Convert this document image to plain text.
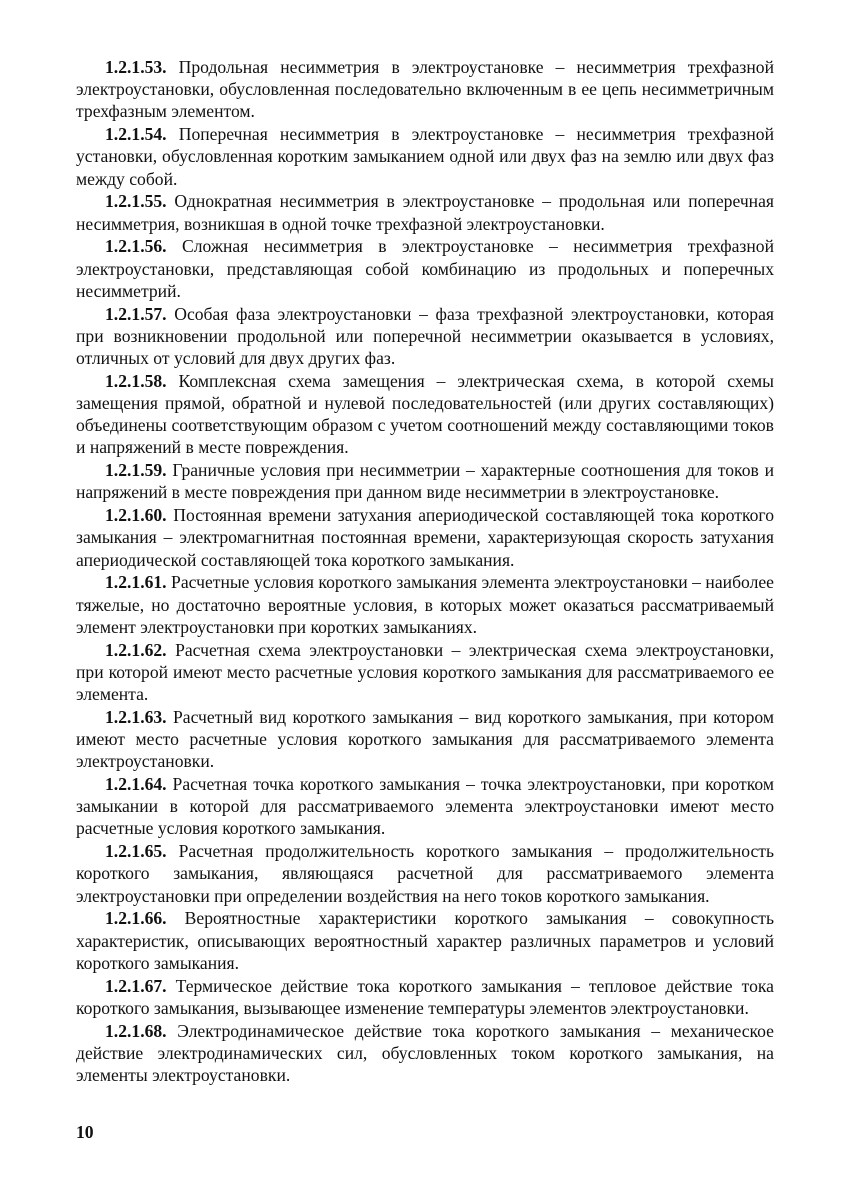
1.2.1.53. Продольная несимметрия в электроустановке – несимметрия трехфазной электроустановки, обусловленная последовательно включенным в ее цепь несимметричным трехфазным элементом.

1.2.1.54. Поперечная несимметрия в электроустановке – несимметрия трехфазной установки, обусловленная коротким замыканием одной или двух фаз на землю или двух фаз между собой.

1.2.1.55. Однократная несимметрия в электроустановке – продольная или поперечная несимметрия, возникшая в одной точке трехфазной электроустановки.

1.2.1.56. Сложная несимметрия в электроустановке – несимметрия трехфазной электроустановки, представляющая собой комбинацию из продольных и поперечных несимметрий.

1.2.1.57. Особая фаза электроустановки – фаза трехфазной электроустановки, которая при возникновении продольной или поперечной несимметрии оказывается в условиях, отличных от условий для двух других фаз.

1.2.1.58. Комплексная схема замещения – электрическая схема, в которой схемы замещения прямой, обратной и нулевой последовательностей (или других составляющих) объединены соответствующим образом с учетом соотношений между составляющими токов и напряжений в месте повреждения.

1.2.1.59. Граничные условия при несимметрии – характерные соотношения для токов и напряжений в месте повреждения при данном виде несимметрии в электроустановке.

1.2.1.60. Постоянная времени затухания апериодической составляющей тока короткого замыкания – электромагнитная постоянная времени, характеризующая скорость затухания апериодической составляющей тока короткого замыкания.

1.2.1.61. Расчетные условия короткого замыкания элемента электроустановки – наиболее тяжелые, но достаточно вероятные условия, в которых может оказаться рассматриваемый элемент электроустановки при коротких замыканиях.

1.2.1.62. Расчетная схема электроустановки – электрическая схема электроустановки, при которой имеют место расчетные условия короткого замыкания для рассматриваемого ее элемента.

1.2.1.63. Расчетный вид короткого замыкания – вид короткого замыкания, при котором имеют место расчетные условия короткого замыкания для рассматриваемого элемента электроустановки.

1.2.1.64. Расчетная точка короткого замыкания – точка электроустановки, при коротком замыкании в которой для рассматриваемого элемента электроустановки имеют место расчетные условия короткого замыкания.

1.2.1.65. Расчетная продолжительность короткого замыкания – продолжительность короткого замыкания, являющаяся расчетной для рассматриваемого элемента электроустановки при определении воздействия на него токов короткого замыкания.

1.2.1.66. Вероятностные характеристики короткого замыкания – совокупность характеристик, описывающих вероятностный характер различных параметров и условий короткого замыкания.

1.2.1.67. Термическое действие тока короткого замыкания – тепловое действие тока короткого замыкания, вызывающее изменение температуры элементов электроустановки.

1.2.1.68. Электродинамическое действие тока короткого замыкания – механическое действие электродинамических сил, обусловленных током короткого замыкания, на элементы электроустановки.

10
